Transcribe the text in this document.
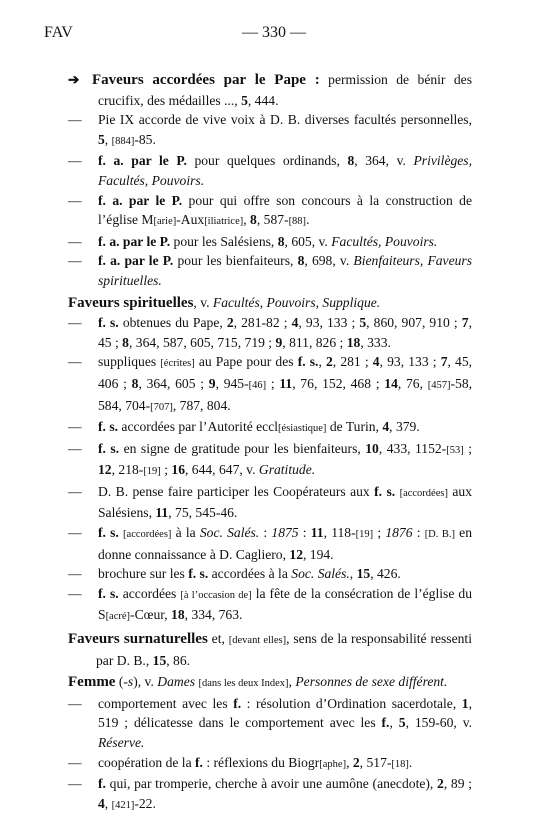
FAV	— 330 —
➔ Faveurs accordées par le Pape : permission de bénir des crucifix, des médailles ..., 5, 444.
— Pie IX accorde de vive voix à D. B. diverses facultés personnelles, 5, [884]-85.
— f. a. par le P. pour quelques ordinands, 8, 364, v. Privilèges, Facultés, Pouvoirs.
— f. a. par le P. pour qui offre son concours à la construction de l’église M[arie]-Aux[iliatrice], 8, 587-[88].
— f. a. par le P. pour les Salésiens, 8, 605, v. Facultés, Pouvoirs.
— f. a. par le P. pour les bienfaiteurs, 8, 698, v. Bienfaiteurs, Faveurs spirituelles.
Faveurs spirituelles, v. Facultés, Pouvoirs, Supplique.
— f. s. obtenues du Pape, 2, 281-82 ; 4, 93, 133 ; 5, 860, 907, 910 ; 7, 45 ; 8, 364, 587, 605, 715, 719 ; 9, 811, 826 ; 18, 333.
— suppliques [écrites] au Pape pour des f. s., 2, 281 ; 4, 93, 133 ; 7, 45, 406 ; 8, 364, 605 ; 9, 945-[46] ; 11, 76, 152, 468 ; 14, 76, [457]-58, 584, 704-[707], 787, 804.
— f. s. accordées par l’Autorité eccl[ésiastique] de Turin, 4, 379.
— f. s. en signe de gratitude pour les bienfaiteurs, 10, 433, 1152-[53] ; 12, 218-[19] ; 16, 644, 647, v. Gratitude.
— D. B. pense faire participer les Coopérateurs aux f. s. [accordées] aux Salésiens, 11, 75, 545-46.
— f. s. [accordées] à la Soc. Salés. : 1875 : 11, 118-[19] ; 1876 : [D. B.] en donne connaissance à D. Cagliero, 12, 194.
— brochure sur les f. s. accordées à la Soc. Salés., 15, 426.
— f. s. accordées [à l’occasion de] la fête de la consécration de l’église du S[acré]-Cœur, 18, 334, 763.
Faveurs surnaturelles et, [devant elles], sens de la responsabilité ressenti par D. B., 15, 86.
Femme (-s), v. Dames [dans les deux Index], Personnes de sexe différent.
— comportement avec les f. : résolution d’Ordination sacerdotale, 1, 519 ; délicatesse dans le comportement avec les f., 5, 159-60, v. Réserve.
— coopération de la f. : réflexions du Biogr[aphe], 2, 517-[18].
— f. qui, par tromperie, cherche à avoir une aumône (anecdote), 2, 89 ; 4, [421]-22.
